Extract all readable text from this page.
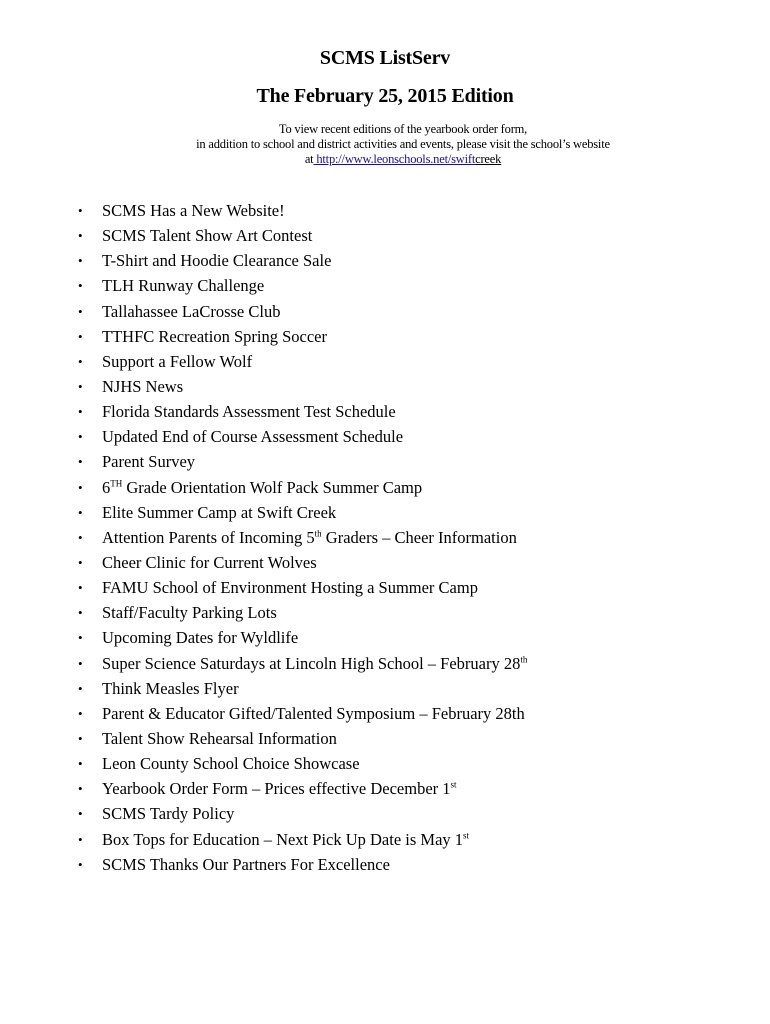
SCMS ListServ
The February 25, 2015 Edition
To view recent editions of the yearbook order form,
in addition to school and district activities and events, please visit the school’s website
at http://www.leonschools.net/swiftcreek
• SCMS Has a New Website!
• SCMS Talent Show Art Contest
• T-Shirt and Hoodie Clearance Sale
• TLH Runway Challenge
• Tallahassee LaCrosse Club
• TTHFC Recreation Spring Soccer
• Support a Fellow Wolf
• NJHS News
• Florida Standards Assessment Test Schedule
• Updated End of Course Assessment Schedule
• Parent Survey
• 6TH Grade Orientation Wolf Pack Summer Camp
• Elite Summer Camp at Swift Creek
• Attention Parents of Incoming 5th Graders – Cheer Information
• Cheer Clinic for Current Wolves
• FAMU School of Environment Hosting a Summer Camp
• Staff/Faculty Parking Lots
• Upcoming Dates for Wyldlife
• Super Science Saturdays at Lincoln High School – February 28th
• Think Measles Flyer
• Parent & Educator Gifted/Talented Symposium – February 28th
• Talent Show Rehearsal Information
• Leon County School Choice Showcase
• Yearbook Order Form – Prices effective December 1st
• SCMS Tardy Policy
• Box Tops for Education – Next Pick Up Date is May 1st
• SCMS Thanks Our Partners For Excellence
